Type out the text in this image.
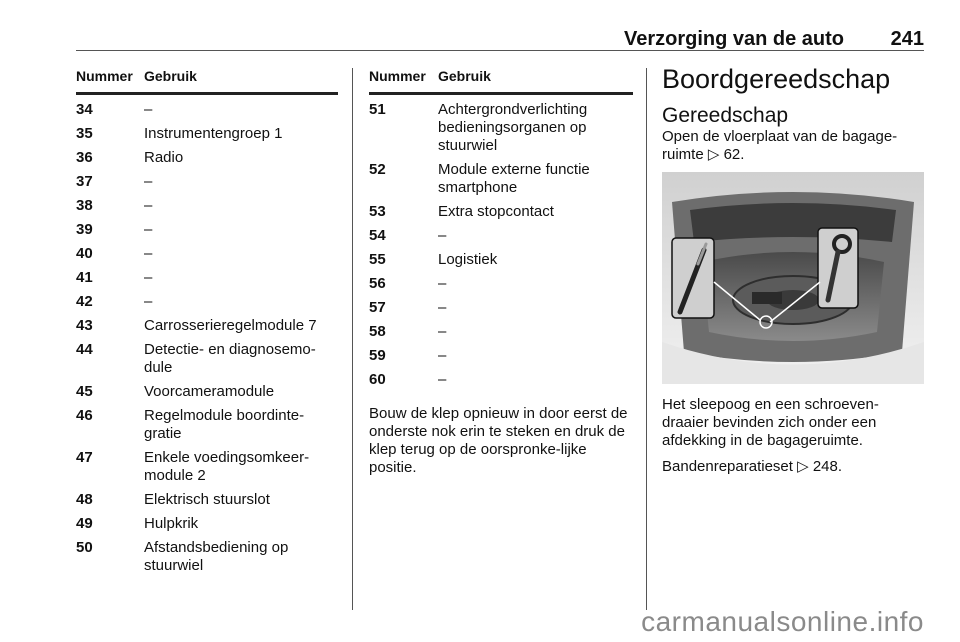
Verzorging van de auto 241
Nummer Gebruik
34	–
35	Instrumentengroep 1
36	Radio
37	–
38	–
39	–
40	–
41	–
42	–
43	Carrosserieregelmodule 7
44	Detectie- en diagnosemo-dule
45	Voorcameramodule
46	Regelmodule boordinte-gratie
47	Enkele voedingsomkeer-module 2
48	Elektrisch stuurslot
49	Hulpkrik
50	Afstandsbediening op stuurwiel
Nummer Gebruik
51	Achtergrondverlichting bedieningsorganen op stuurwiel
52	Module externe functie smartphone
53	Extra stopcontact
54	–
55	Logistiek
56	–
57	–
58	–
59	–
60	–

Bouw de klep opnieuw in door eerst de onderste nok erin te steken en druk de klep terug op de oorspronke-lijke positie.

Boordgereedschap
Gereedschap

Open de vloerplaat van de bagage-ruimte ▷ 62.

Het sleepoog en een schroeven-draaier bevinden zich onder een afdekking in de bagageruimte.

Bandenreparatieset ▷ 248.

carmanualsonline.info
